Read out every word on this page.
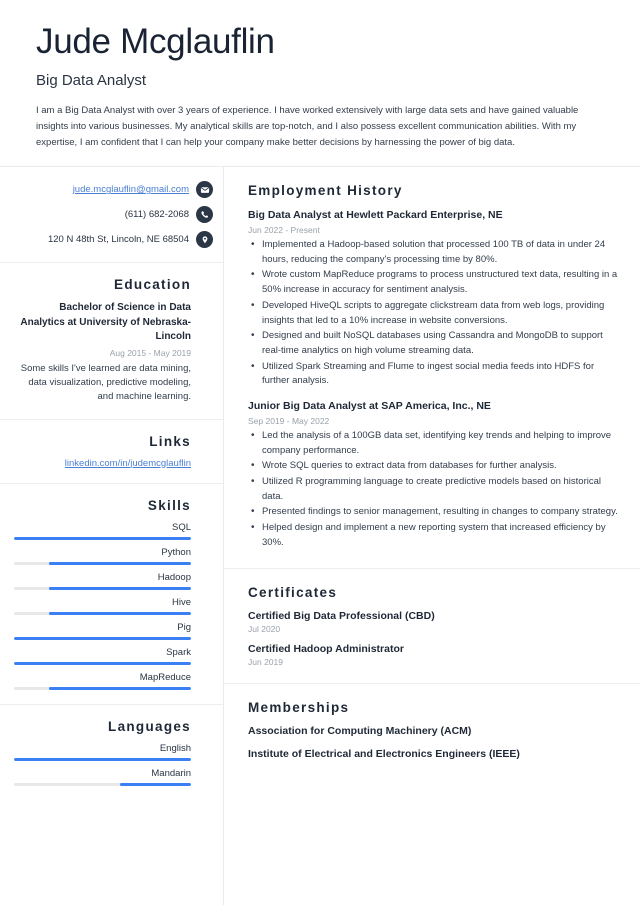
Jude Mcglauflin
Big Data Analyst
I am a Big Data Analyst with over 3 years of experience. I have worked extensively with large data sets and have gained valuable insights into various businesses. My analytical skills are top-notch, and I also possess excellent communication abilities. With my expertise, I am confident that I can help your company make better decisions by harnessing the power of big data.
jude.mcglauflin@gmail.com
(611) 682-2068
120 N 48th St, Lincoln, NE 68504
Education
Bachelor of Science in Data Analytics at University of Nebraska-Lincoln
Aug 2015 - May 2019
Some skills I've learned are data mining, data visualization, predictive modeling, and machine learning.
Links
linkedin.com/in/judemcglauflin
Skills
SQL
Python
Hadoop
Hive
Pig
Spark
MapReduce
Languages
English
Mandarin
Employment History
Big Data Analyst at Hewlett Packard Enterprise, NE
Jun 2022 - Present
• Implemented a Hadoop-based solution that processed 100 TB of data in under 24 hours, reducing the company's processing time by 80%.
• Wrote custom MapReduce programs to process unstructured text data, resulting in a 50% increase in accuracy for sentiment analysis.
• Developed HiveQL scripts to aggregate clickstream data from web logs, providing insights that led to a 10% increase in website conversions.
• Designed and built NoSQL databases using Cassandra and MongoDB to support real-time analytics on high volume streaming data.
• Utilized Spark Streaming and Flume to ingest social media feeds into HDFS for further analysis.
Junior Big Data Analyst at SAP America, Inc., NE
Sep 2019 - May 2022
• Led the analysis of a 100GB data set, identifying key trends and helping to improve company performance.
• Wrote SQL queries to extract data from databases for further analysis.
• Utilized R programming language to create predictive models based on historical data.
• Presented findings to senior management, resulting in changes to company strategy.
• Helped design and implement a new reporting system that increased efficiency by 30%.
Certificates
Certified Big Data Professional (CBD)
Jul 2020
Certified Hadoop Administrator
Jun 2019
Memberships
Association for Computing Machinery (ACM)
Institute of Electrical and Electronics Engineers (IEEE)
